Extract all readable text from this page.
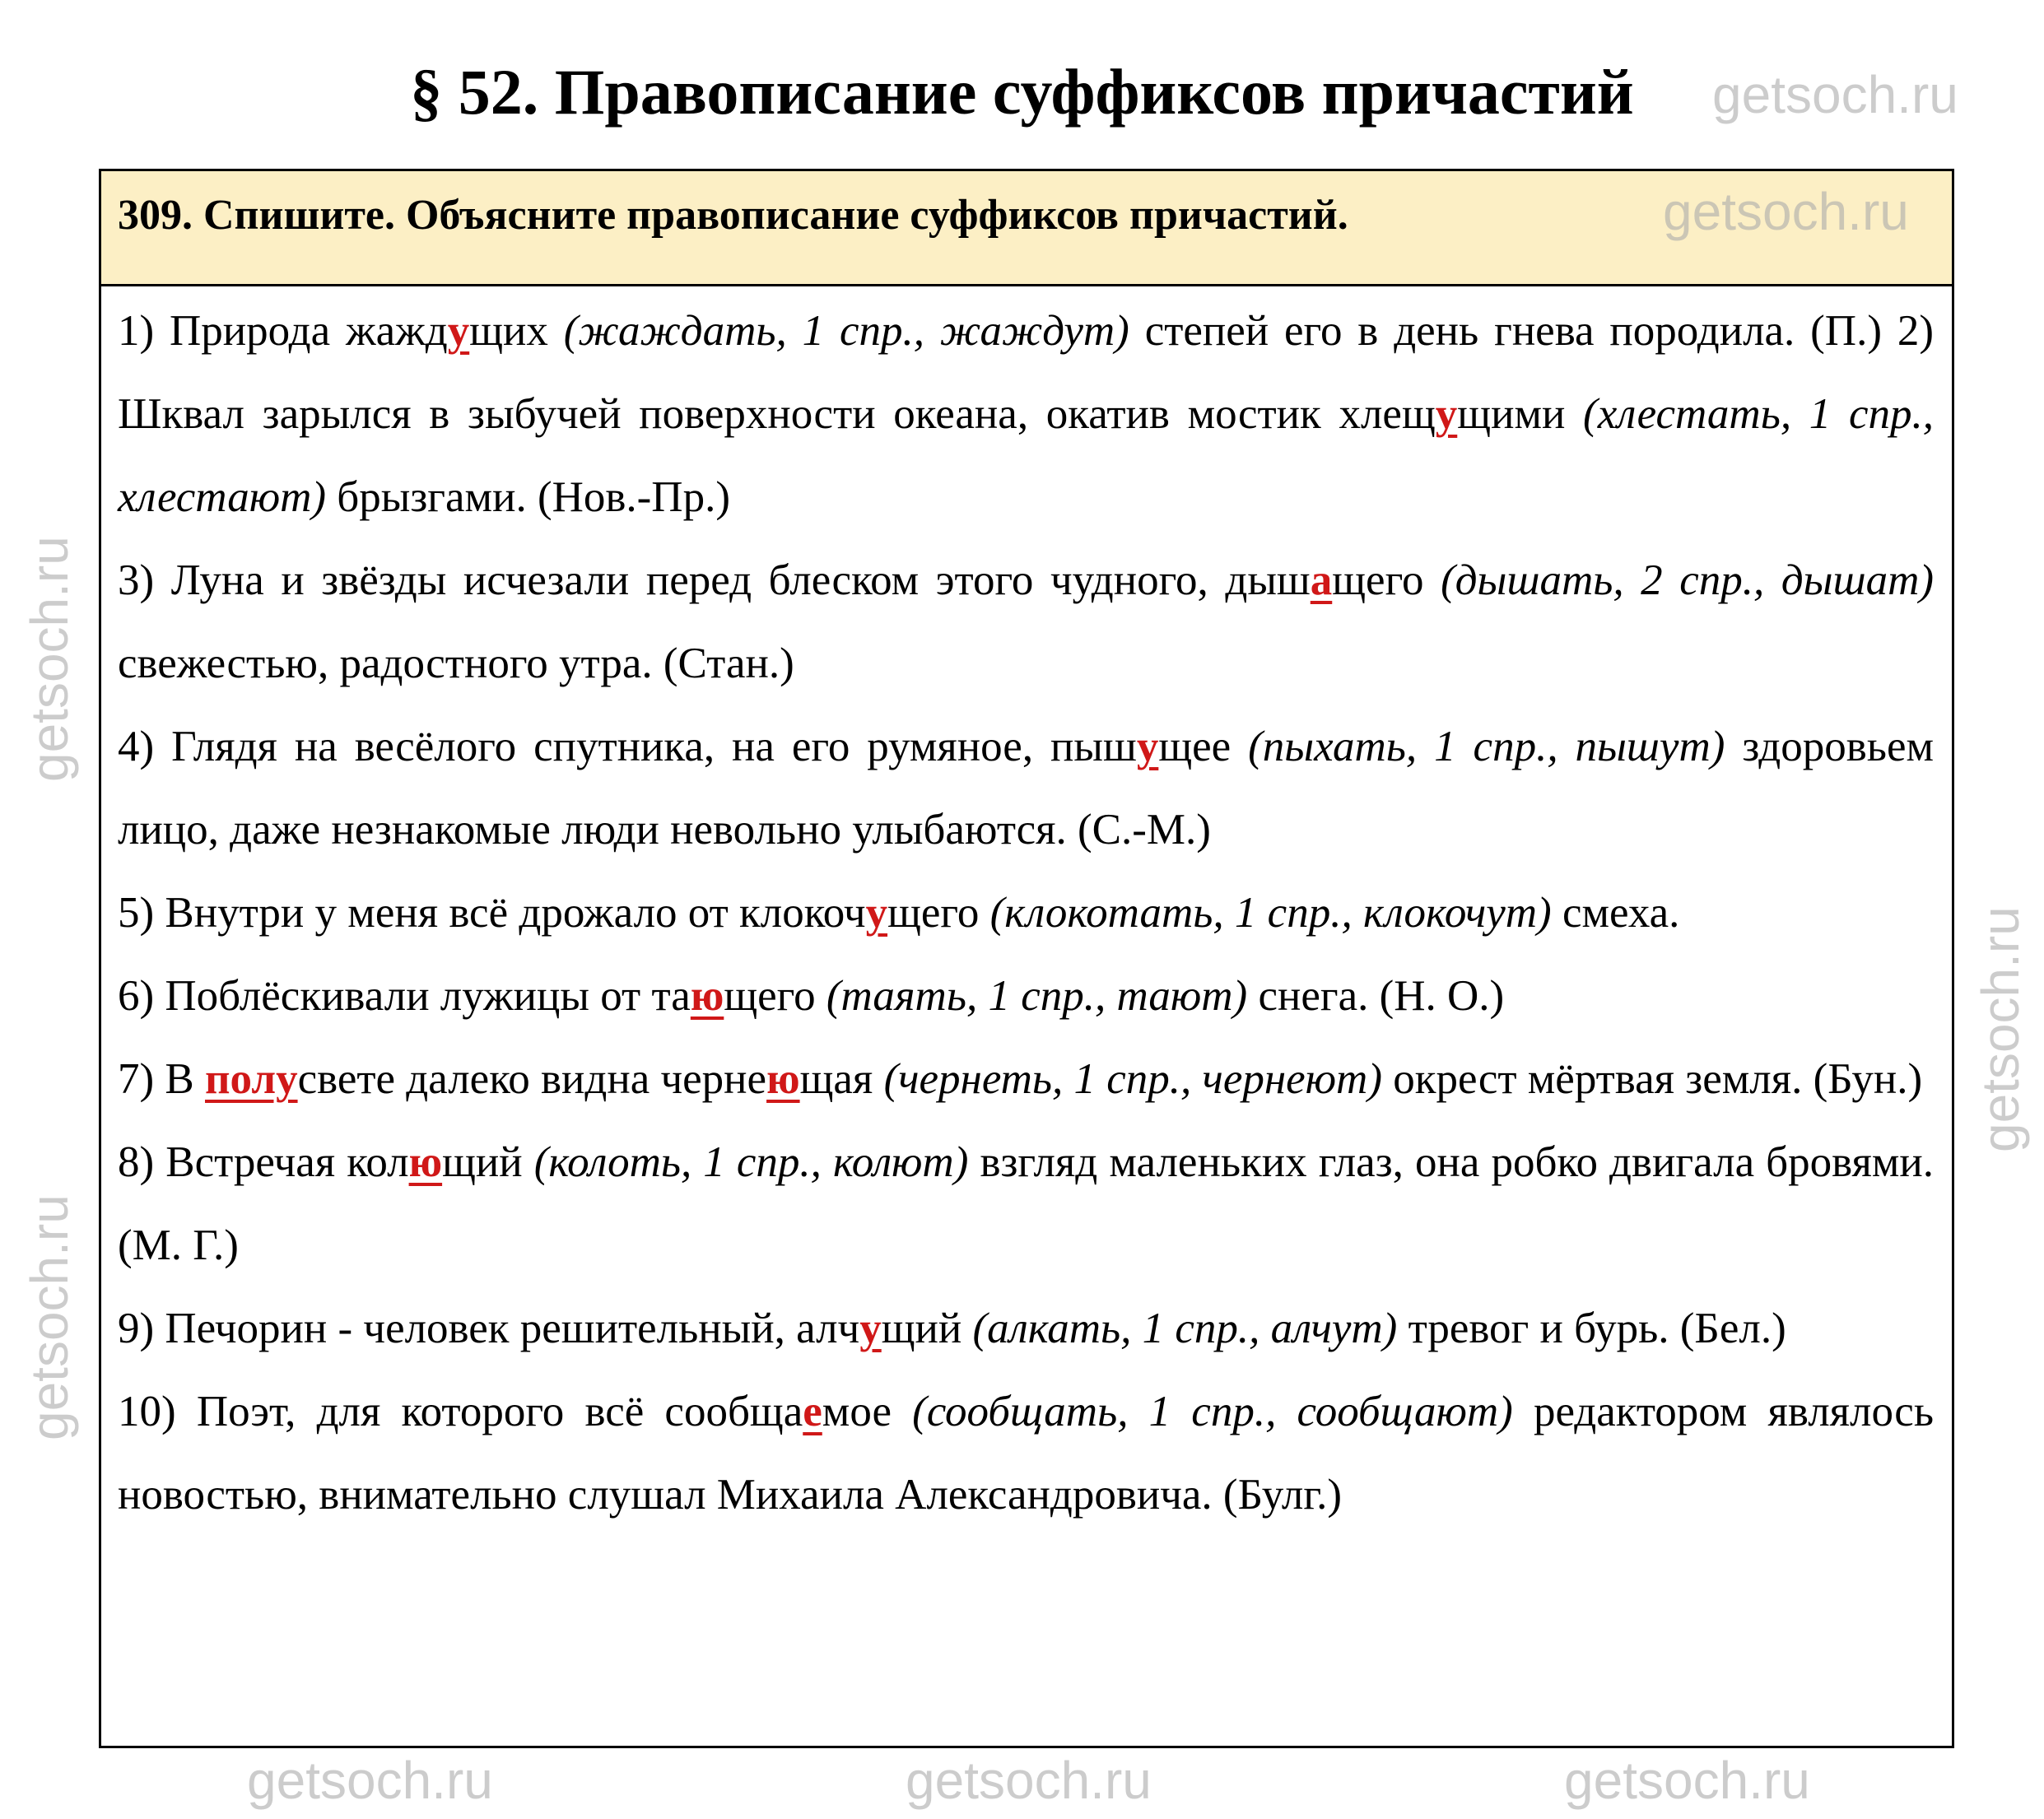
§ 52. Правописание суффиксов причастий
309. Спишите. Объясните правописание суффиксов причастий.

1) Природа жаждущих (жаждать, 1 спр., жаждут) степей его в день гнева породила. (П.) 2) Шквал зарылся в зыбучей поверхности океана, окатив мостик хлещущими (хлестать, 1 спр., хлестают) брызгами. (Нов.-Пр.)

3) Луна и звёзды исчезали перед блеском этого чудного, дышащего (дышать, 2 спр., дышат) свежестью, радостного утра. (Стан.)

4) Глядя на весёлого спутника, на его румяное, пышущее (пыхать, 1 спр., пышут) здоровьем лицо, даже незнакомые люди невольно улыбаются. (С.-М.)

5) Внутри у меня всё дрожало от клокочущего (клокотать, 1 спр., клокочут) смеха.

6) Поблёскивали лужицы от тающего (таять, 1 спр., тают) снега. (Н. О.)

7) В полусвете далеко видна чернеющая (чернеть, 1 спр., чернеют) окрест мёртвая земля. (Бун.)

8) Встречая колющий (колоть, 1 спр., колют) взгляд маленьких глаз, она робко двигала бровями. (М. Г.)

9) Печорин - человек решительный, алчущий (алкать, 1 спр., алчут) тревог и бурь. (Бел.)

10) Поэт, для которого всё сообщаемое (сообщать, 1 спр., сообщают) редактором являлось новостью, внимательно слушал Михаила Александровича. (Булг.)

getsoch.ru
getsoch.ru
getsoch.ru	getsoch.ru	getsoch.ru
getsoch.ru
getsoch.ru
getsoch.ru
